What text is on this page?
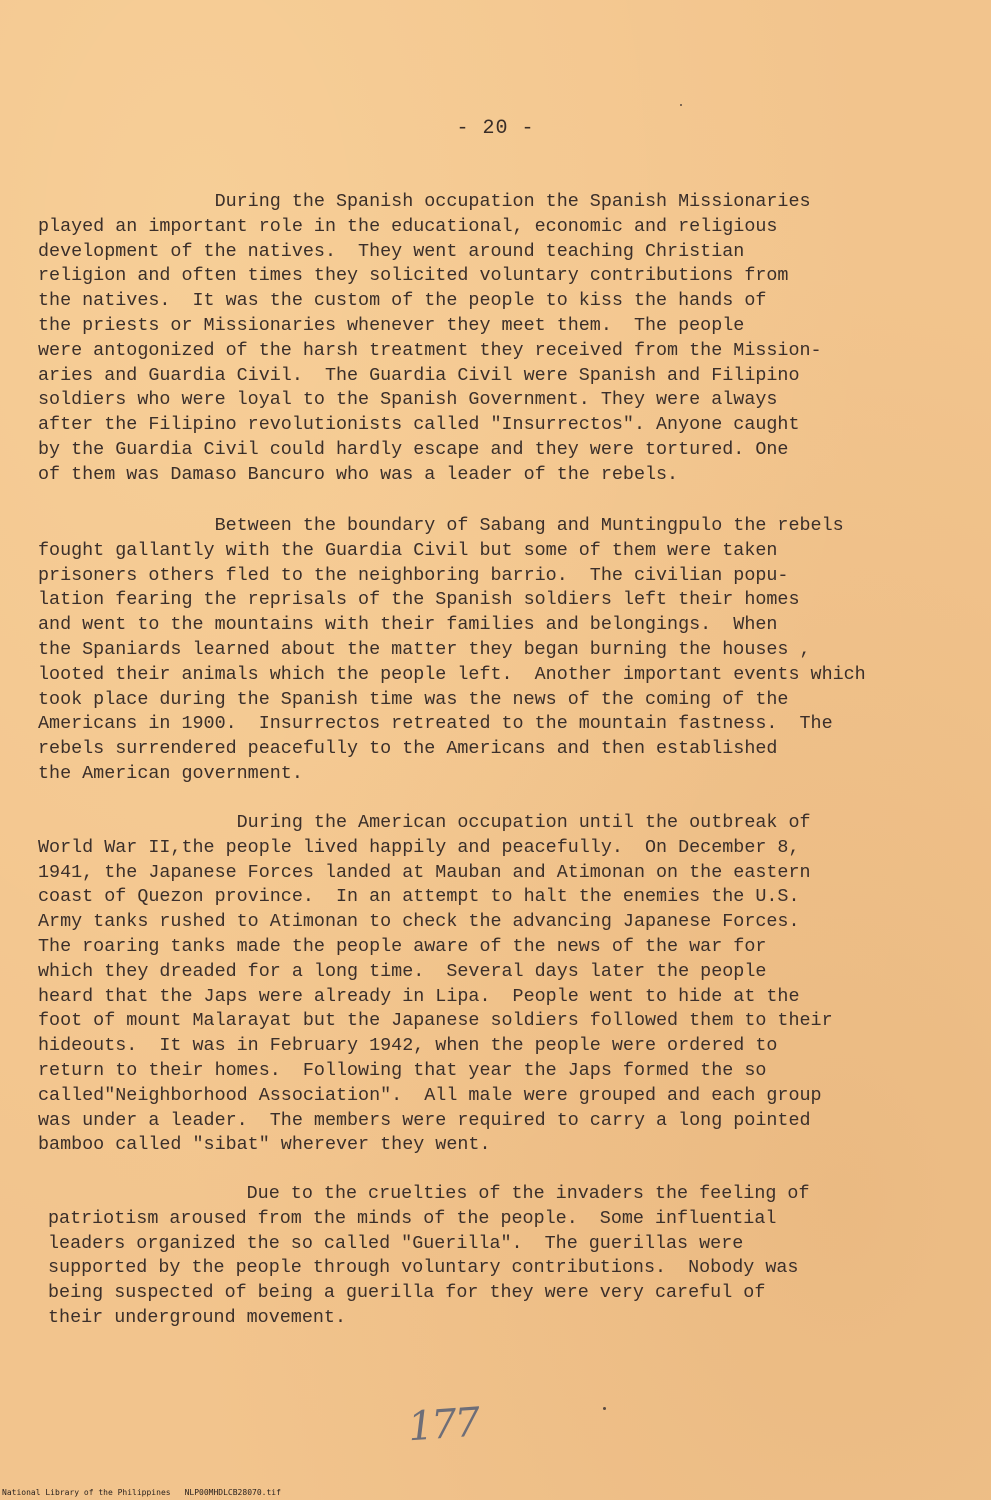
- 20 -
During the Spanish occupation the Spanish Missionaries
played an important role in the educational, economic and religious
development of the natives.  They went around teaching Christian
religion and often times they solicited voluntary contributions from
the natives.  It was the custom of the people to kiss the hands of
the priests or Missionaries whenever they meet them.  The people
were antogonized of the harsh treatment they received from the Mission-
aries and Guardia Civil.  The Guardia Civil were Spanish and Filipino
soldiers who were loyal to the Spanish Government. They were always
after the Filipino revolutionists called "Insurrectos". Anyone caught
by the Guardia Civil could hardly escape and they were tortured. One
of them was Damaso Bancuro who was a leader of the rebels.
Between the boundary of Sabang and Muntingpulo the rebels
fought gallantly with the Guardia Civil but some of them were taken
prisoners others fled to the neighboring barrio.  The civilian popu-
lation fearing the reprisals of the Spanish soldiers left their homes
and went to the mountains with their families and belongings.  When
the Spaniards learned about the matter they began burning the houses ,
looted their animals which the people left.  Another important events which
took place during the Spanish time was the news of the coming of the
Americans in 1900.  Insurrectos retreated to the mountain fastness.  The
rebels surrendered peacefully to the Americans and then established
the American government.
During the American occupation until the outbreak of
World War II,the people lived happily and peacefully.  On December 8,
1941, the Japanese Forces landed at Mauban and Atimonan on the eastern
coast of Quezon province.  In an attempt to halt the enemies the U.S.
Army tanks rushed to Atimonan to check the advancing Japanese Forces.
The roaring tanks made the people aware of the news of the war for
which they dreaded for a long time.  Several days later the people
heard that the Japs were already in Lipa.  People went to hide at the
foot of mount Malarayat but the Japanese soldiers followed them to their
hideouts.  It was in February 1942, when the people were ordered to
return to their homes.  Following that year the Japs formed the so
called"Neighborhood Association".  All male were grouped and each group
was under a leader.  The members were required to carry a long pointed
bamboo called "sibat" wherever they went.
Due to the cruelties of the invaders the feeling of
patriotism aroused from the minds of the people.  Some influential
leaders organized the so called "Guerilla".  The guerillas were
supported by the people through voluntary contributions.  Nobody was
being suspected of being a guerilla for they were very careful of
their underground movement.
177
National Library of the Philippines NLP00MHDLCB28070.tif
